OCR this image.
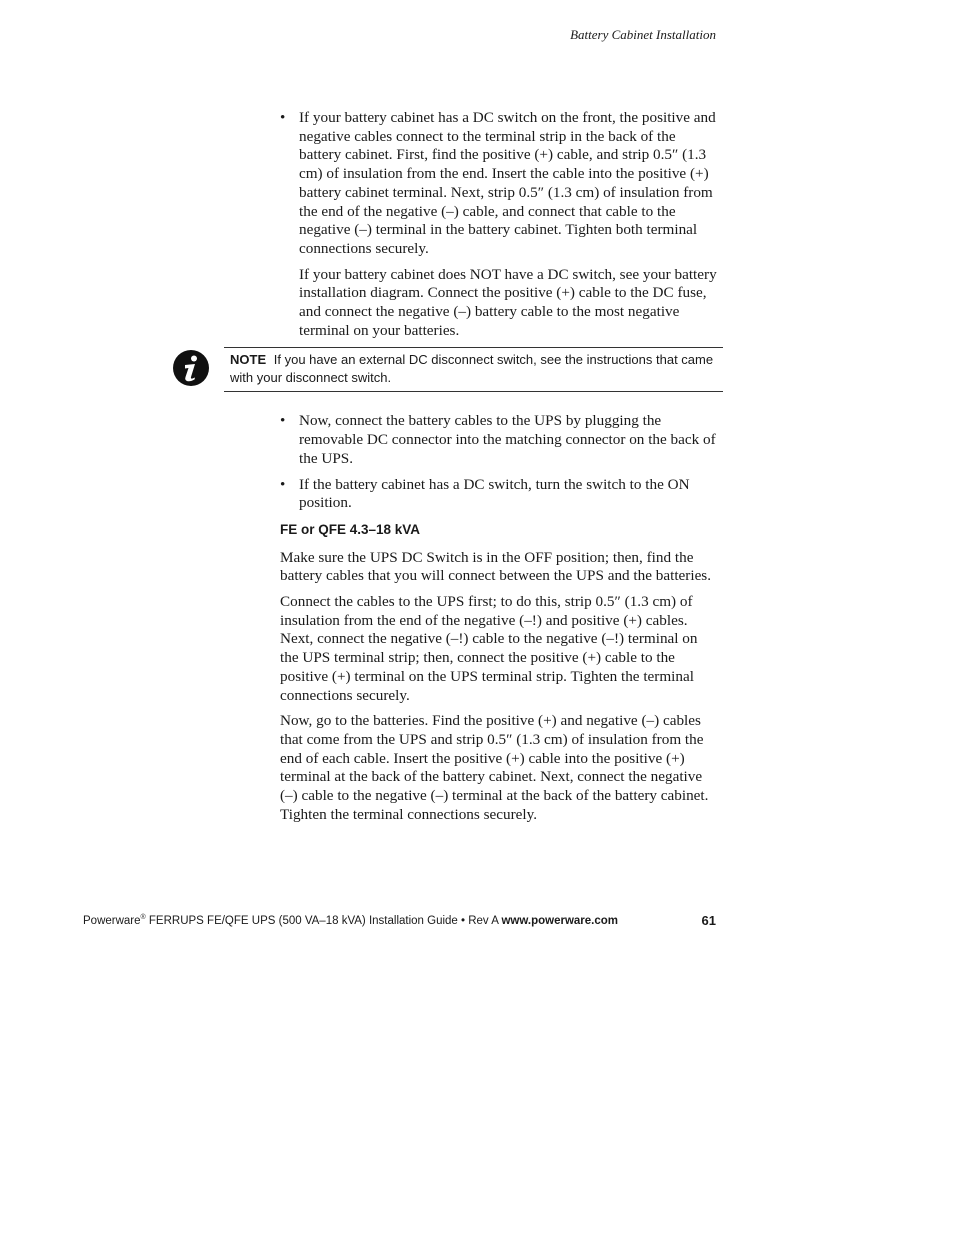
Battery Cabinet Installation
• If your battery cabinet has a DC switch on the front, the positive and negative cables connect to the terminal strip in the back of the battery cabinet. First, find the positive (+) cable, and strip 0.5″ (1.3 cm) of insulation from the end. Insert the cable into the positive (+) battery cabinet terminal. Next, strip 0.5″ (1.3 cm) of insulation from the end of the negative (–) cable, and connect that cable to the negative (–) terminal in the battery cabinet. Tighten both terminal connections securely.

If your battery cabinet does NOT have a DC switch, see your battery installation diagram. Connect the positive (+) cable to the DC fuse, and connect the negative (–) battery cable to the most negative terminal on your batteries.

NOTE If you have an external DC disconnect switch, see the instructions that came with your disconnect switch.
• Now, connect the battery cables to the UPS by plugging the removable DC connector into the matching connector on the back of the UPS.
• If the battery cabinet has a DC switch, turn the switch to the ON position.
FE or QFE 4.3–18 kVA

Make sure the UPS DC Switch is in the OFF position; then, find the battery cables that you will connect between the UPS and the batteries.

Connect the cables to the UPS first; to do this, strip 0.5″ (1.3 cm) of insulation from the end of the negative (–!) and positive (+) cables. Next, connect the negative (–!) cable to the negative (–!) terminal on the UPS terminal strip; then, connect the positive (+) cable to the positive (+) terminal on the UPS terminal strip. Tighten the terminal connections securely.

Now, go to the batteries. Find the positive (+) and negative (–) cables that come from the UPS and strip 0.5″ (1.3 cm) of insulation from the end of each cable. Insert the positive (+) cable into the positive (+) terminal at the back of the battery cabinet. Next, connect the negative (–) cable to the negative (–) terminal at the back of the battery cabinet. Tighten the terminal connections securely.

Powerware® FERRUPS FE/QFE UPS (500 VA–18 kVA) Installation Guide • Rev A www.powerware.com	61
